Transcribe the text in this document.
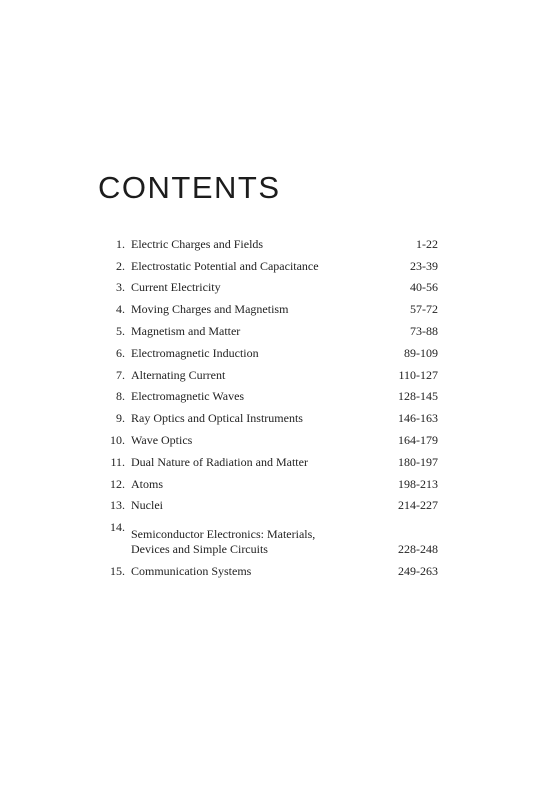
CONTENTS
1. Electric Charges and Fields	1-22
2. Electrostatic Potential and Capacitance	23-39
3. Current Electricity	40-56
4. Moving Charges and Magnetism	57-72
5. Magnetism and Matter	73-88
6. Electromagnetic Induction	89-109
7. Alternating Current	110-127
8. Electromagnetic Waves	128-145
9. Ray Optics and Optical Instruments	146-163
10. Wave Optics	164-179
11. Dual Nature of Radiation and Matter	180-197
12. Atoms	198-213
13. Nuclei	214-227
14. Semiconductor Electronics: Materials,
Devices and Simple Circuits	228-248
15. Communication Systems	249-263
